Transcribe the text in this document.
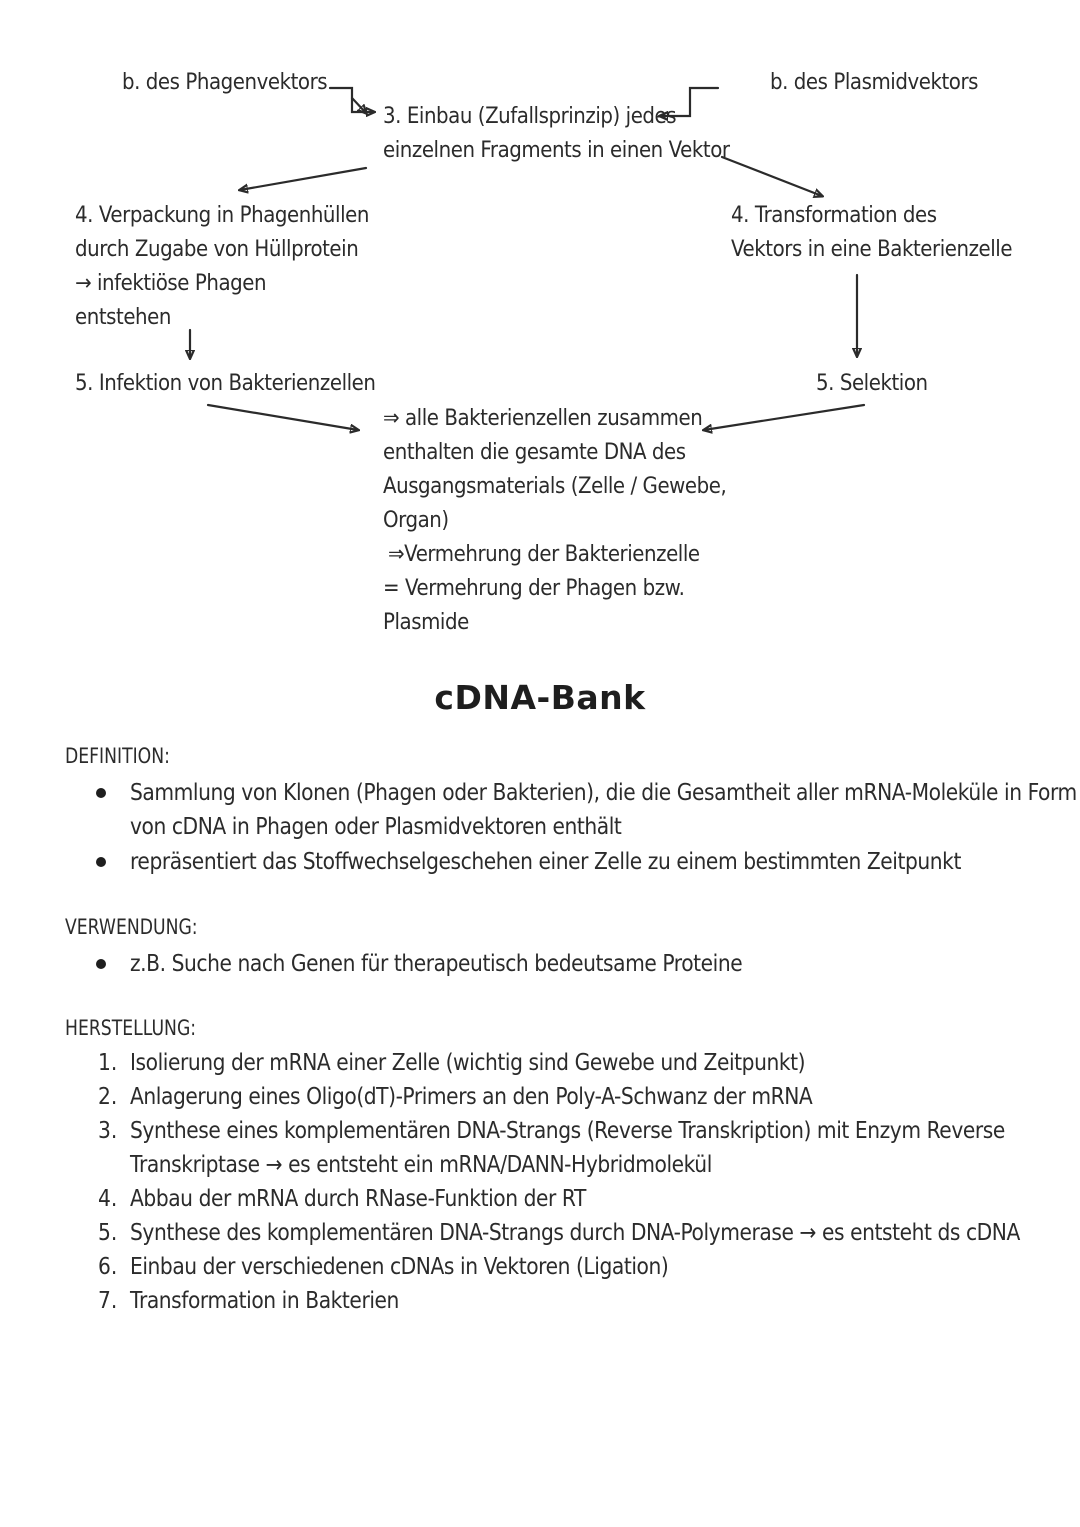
b. des Phagenvektors	b. des Plasmidvektors
3. Einbau (Zufallsprinzip) jedes
einzelnen Fragments in einen Vektor
4. Verpackung in Phagenhüllen
durch Zugabe von Hüllprotein
→ infektiöse Phagen
entstehen
4. Transformation des
Vektors in eine Bakterienzelle
5. Infektion von Bakterienzellen	5. Selektion
⇒ alle Bakterienzellen zusammen
enthalten die gesamte DNA des
Ausgangsmaterials (Zelle / Gewebe,
Organ)
⇒Vermehrung der Bakterienzelle
= Vermehrung der Phagen bzw.
Plasmide
cDNA-Bank
DEFINITION:
Sammlung von Klonen (Phagen oder Bakterien), die die Gesamtheit aller mRNA-Moleküle in Form
von cDNA in Phagen oder Plasmidvektoren enthält
repräsentiert das Stoffwechselgeschehen einer Zelle zu einem bestimmten Zeitpunkt
VERWENDUNG:
z.B. Suche nach Genen für therapeutisch bedeutsame Proteine
HERSTELLUNG:
1. Isolierung der mRNA einer Zelle (wichtig sind Gewebe und Zeitpunkt)
2. Anlagerung eines Oligo(dT)-Primers an den Poly-A-Schwanz der mRNA
3. Synthese eines komplementären DNA-Strangs (Reverse Transkription) mit Enzym Reverse
Transkriptase → es entsteht ein mRNA/DANN-Hybridmolekül
4. Abbau der mRNA durch RNase-Funktion der RT
5. Synthese des komplementären DNA-Strangs durch DNA-Polymerase → es entsteht ds cDNA
6. Einbau der verschiedenen cDNAs in Vektoren (Ligation)
7. Transformation in Bakterien
